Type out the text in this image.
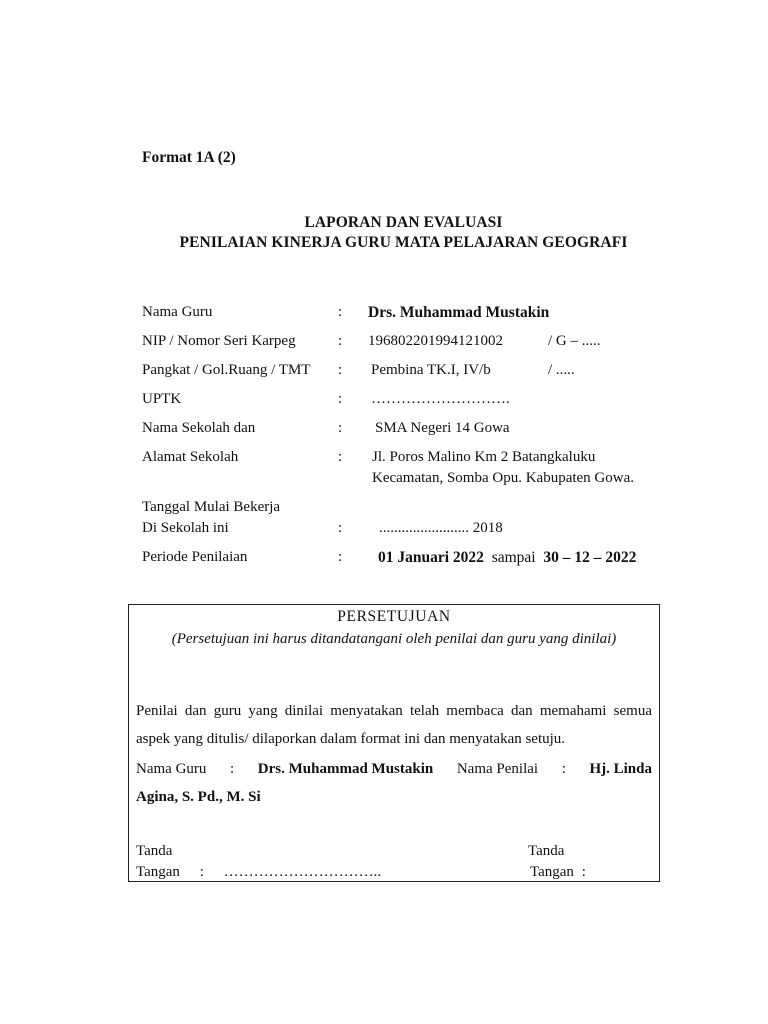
Format 1A (2)
LAPORAN DAN EVALUASI
PENILAIAN KINERJA GURU MATA PELAJARAN GEOGRAFI
Nama Guru	: Drs. Muhammad Mustakin
NIP / Nomor Seri Karpeg	: 196802201994121002	/ G – .....
Pangkat / Gol.Ruang / TMT : Pembina TK.I, IV/b	/ .....
UPTK	: ……………………….
Nama Sekolah dan	: SMA Negeri 14 Gowa
Alamat Sekolah	: Jl. Poros Malino Km 2 Batangkaluku
Kecamatan, Somba Opu. Kabupaten Gowa.
Tanggal Mulai Bekerja
Di Sekolah ini	: ........................ 2018
Periode Penilaian	: 01 Januari 2022 sampai 30 – 12 – 2022
PERSETUJUAN
(Persetujuan ini harus ditandatangani oleh penilai dan guru yang dinilai)
Penilai dan guru yang dinilai menyatakan telah membaca dan memahami semua aspek yang ditulis/ dilaporkan dalam format ini dan menyatakan setuju.
Nama Guru : Drs. Muhammad Mustakin Nama Penilai : Hj. Linda
Agina, S. Pd., M. Si
Tanda
Tangan : …………………………..
Tanda
Tangan :
